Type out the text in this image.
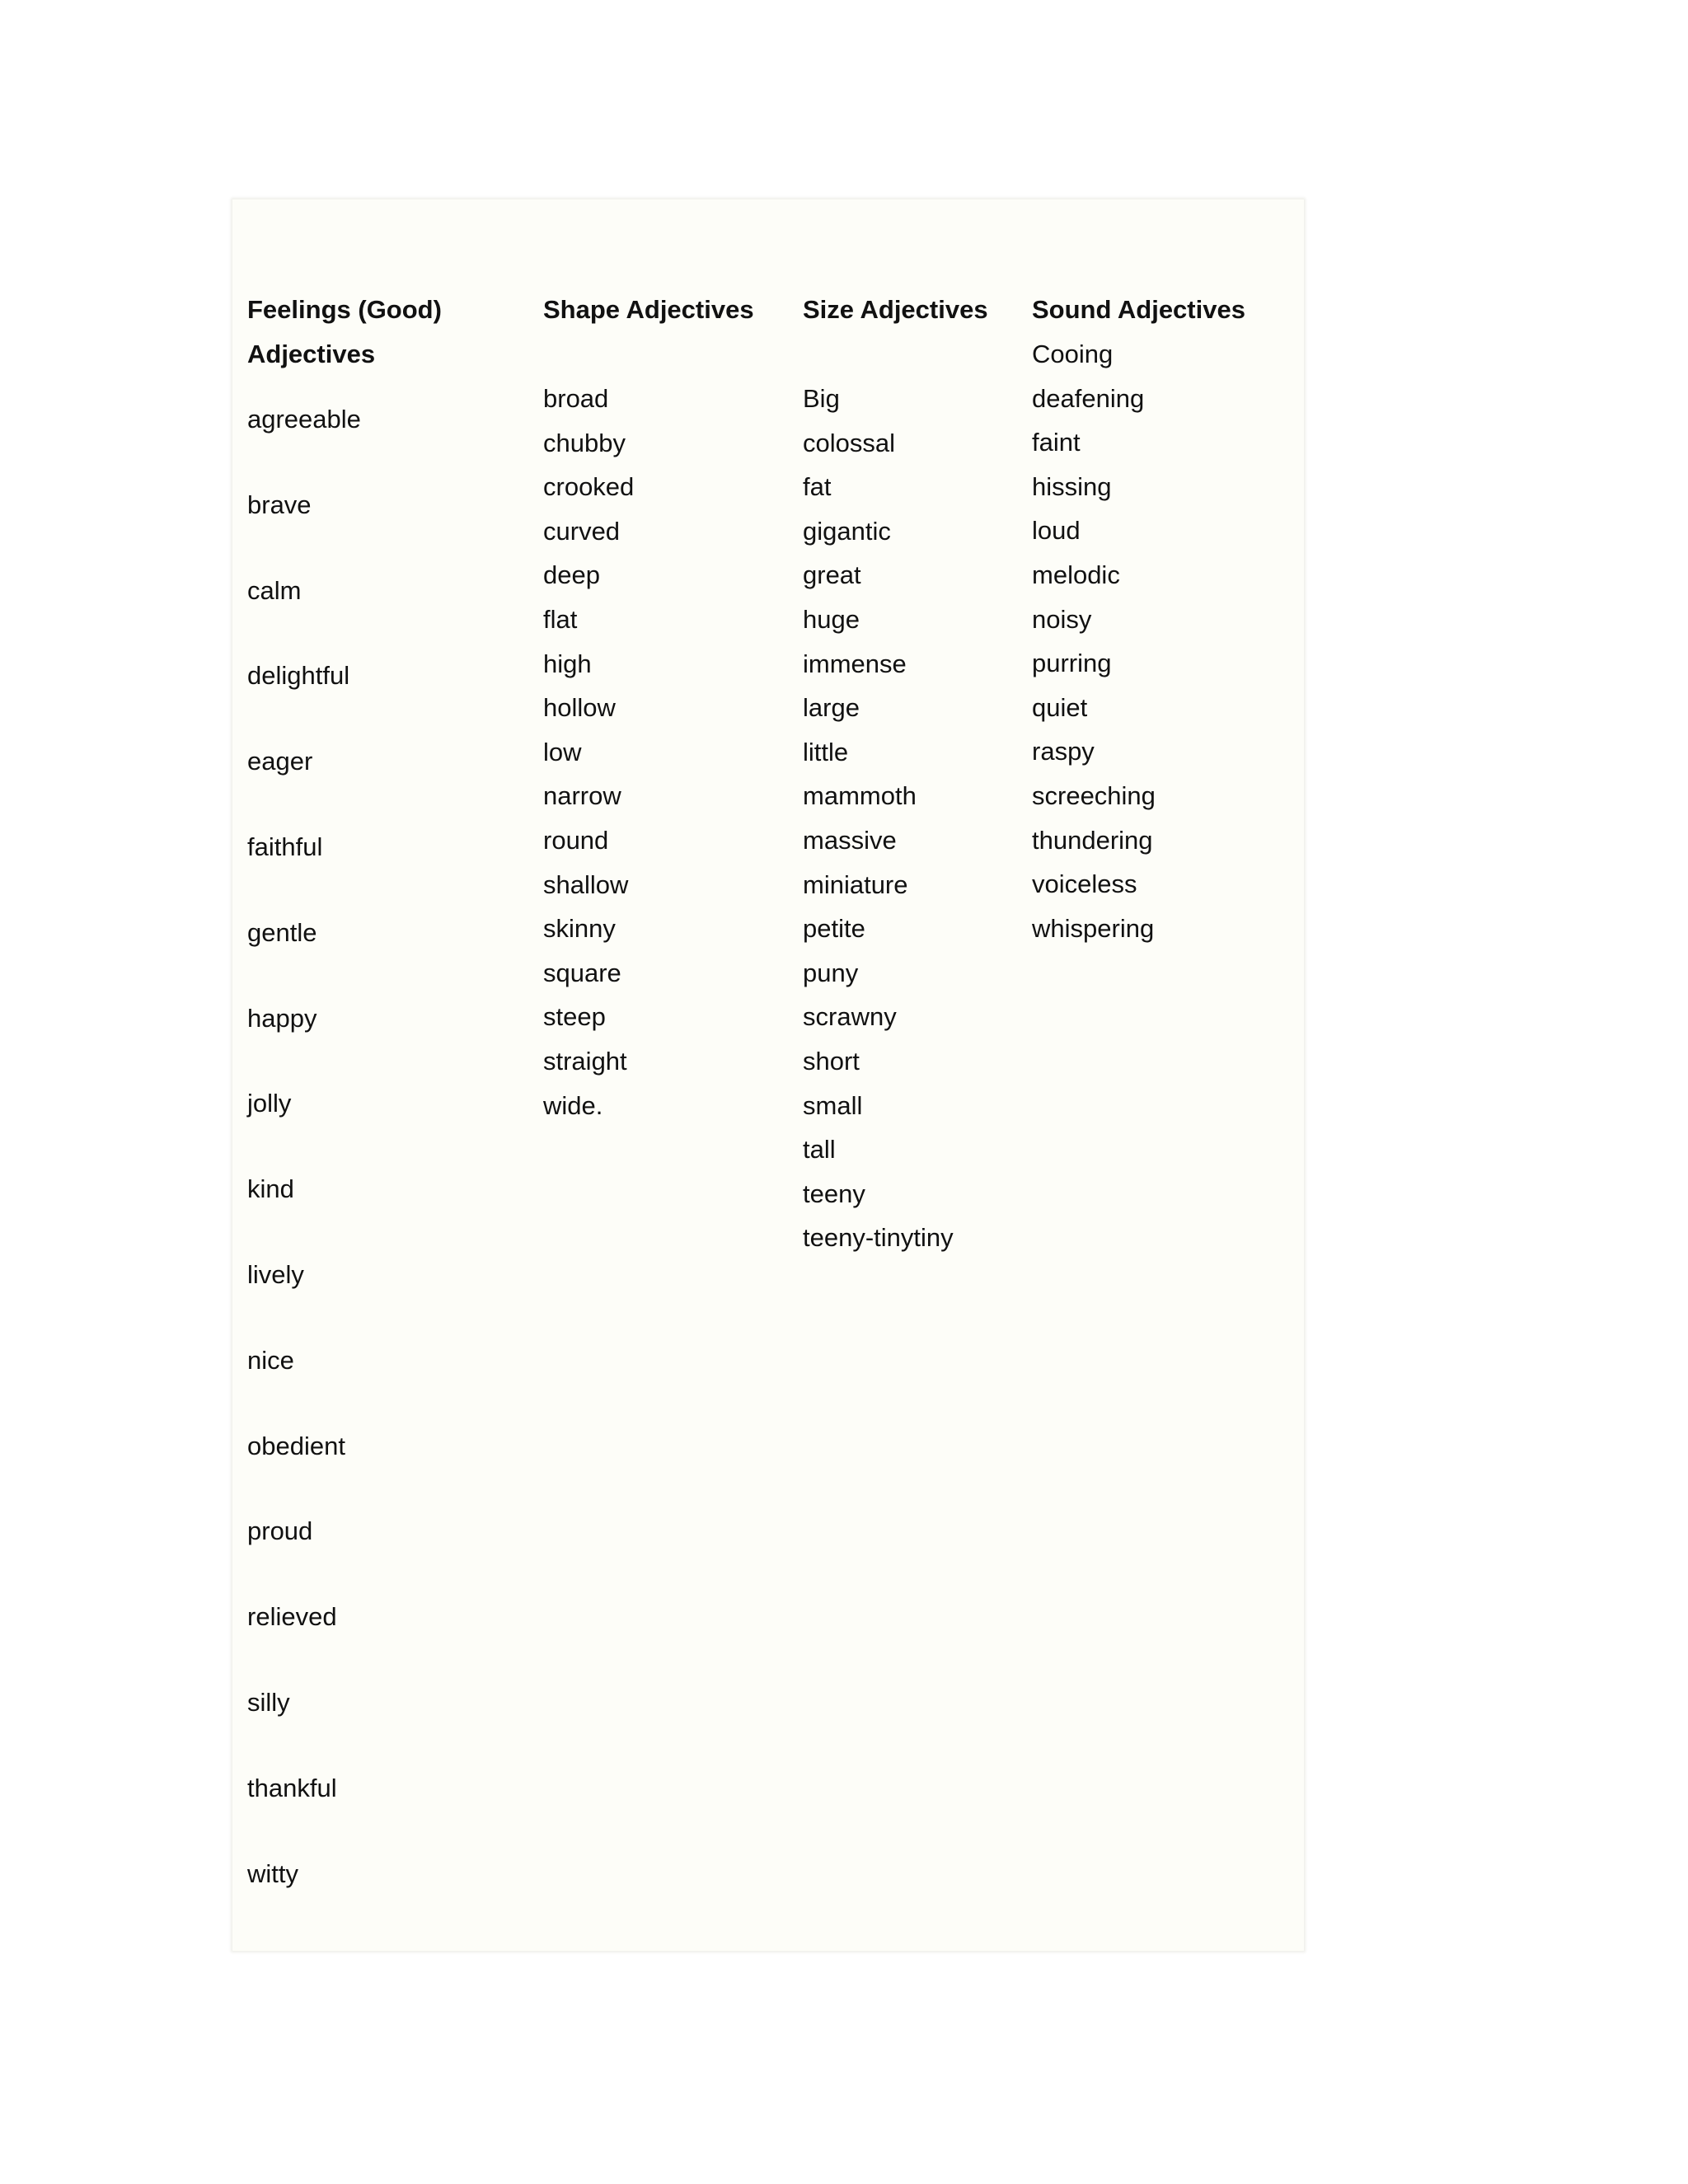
Feelings (Good) Adjectives
agreeable
brave
calm
delightful
eager
faithful
gentle
happy
jolly
kind
lively
nice
obedient
proud
relieved
silly
thankful
witty
Shape Adjectives
broad
chubby
crooked
curved
deep
flat
high
hollow
low
narrow
round
shallow
skinny
square
steep
straight
wide.
Size Adjectives
Big
colossal
fat
gigantic
great
huge
immense
large
little
mammoth
massive
miniature
petite
puny
scrawny
short
small
tall
teeny
teeny-tinytiny
Sound Adjectives
Cooing
deafening
faint
hissing
loud
melodic
noisy
purring
quiet
raspy
screeching
thundering
voiceless
whispering
